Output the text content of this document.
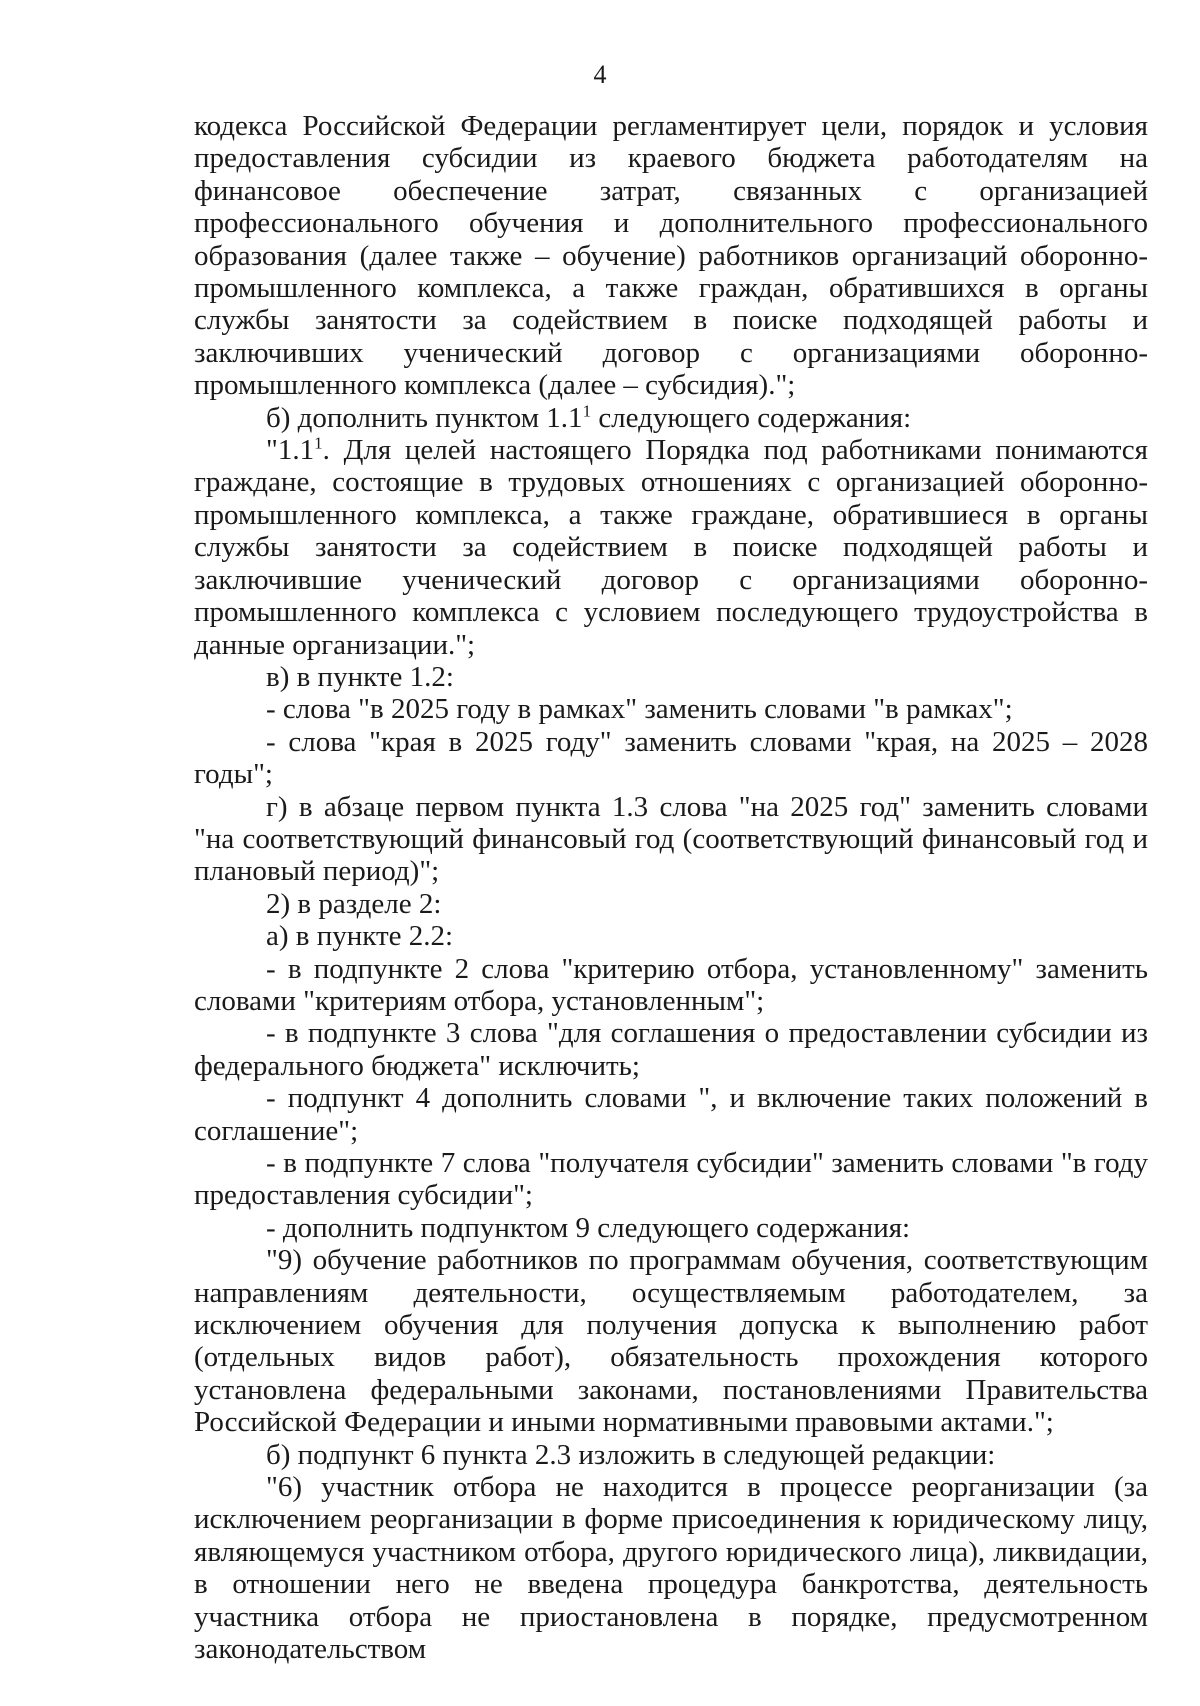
4

кодекса Российской Федерации регламентирует цели, порядок и условия предоставления субсидии из краевого бюджета работодателям на финансовое обеспечение затрат, связанных с организацией профессионального обучения и дополнительного профессионального образования (далее также – обучение) работников организаций оборонно-промышленного комплекса, а также граждан, обратившихся в органы службы занятости за содействием в поиске подходящей работы и заключивших ученический договор с организациями оборонно-промышленного комплекса (далее – субсидия).";

б) дополнить пунктом $1.1^1$ следующего содержания:

"$1.1^1$. Для целей настоящего Порядка под работниками понимаются граждане, состоящие в трудовых отношениях с организацией оборонно-промышленного комплекса, а также граждане, обратившиеся в органы службы занятости за содействием в поиске подходящей работы и заключившие ученический договор с организациями оборонно-промышленного комплекса с условием последующего трудоустройства в данные организации.";

в) в пункте 1.2:

- слова "в 2025 году в рамках" заменить словами "в рамках";

- слова "края в 2025 году" заменить словами "края, на 2025 – 2028 годы";

г) в абзаце первом пункта 1.3 слова "на 2025 год" заменить словами "на соответствующий финансовый год (соответствующий финансовый год и плановый период)";

2) в разделе 2:

а) в пункте 2.2:

- в подпункте 2 слова "критерию отбора, установленному" заменить словами "критериям отбора, установленным";

- в подпункте 3 слова "для соглашения о предоставлении субсидии из федерального бюджета" исключить;

- подпункт 4 дополнить словами ", и включение таких положений в соглашение";

- в подпункте 7 слова "получателя субсидии" заменить словами "в году предоставления субсидии";

- дополнить подпунктом 9 следующего содержания:

"9) обучение работников по программам обучения, соответствующим направлениям деятельности, осуществляемым работодателем, за исключением обучения для получения допуска к выполнению работ (отдельных видов работ), обязательность прохождения которого установлена федеральными законами, постановлениями Правительства Российской Федерации и иными нормативными правовыми актами.";

б) подпункт 6 пункта 2.3 изложить в следующей редакции:

"6) участник отбора не находится в процессе реорганизации (за исключением реорганизации в форме присоединения к юридическому лицу, являющемуся участником отбора, другого юридического лица), ликвидации, в отношении него не введена процедура банкротства, деятельность участника отбора не приостановлена в порядке, предусмотренном законодательством
